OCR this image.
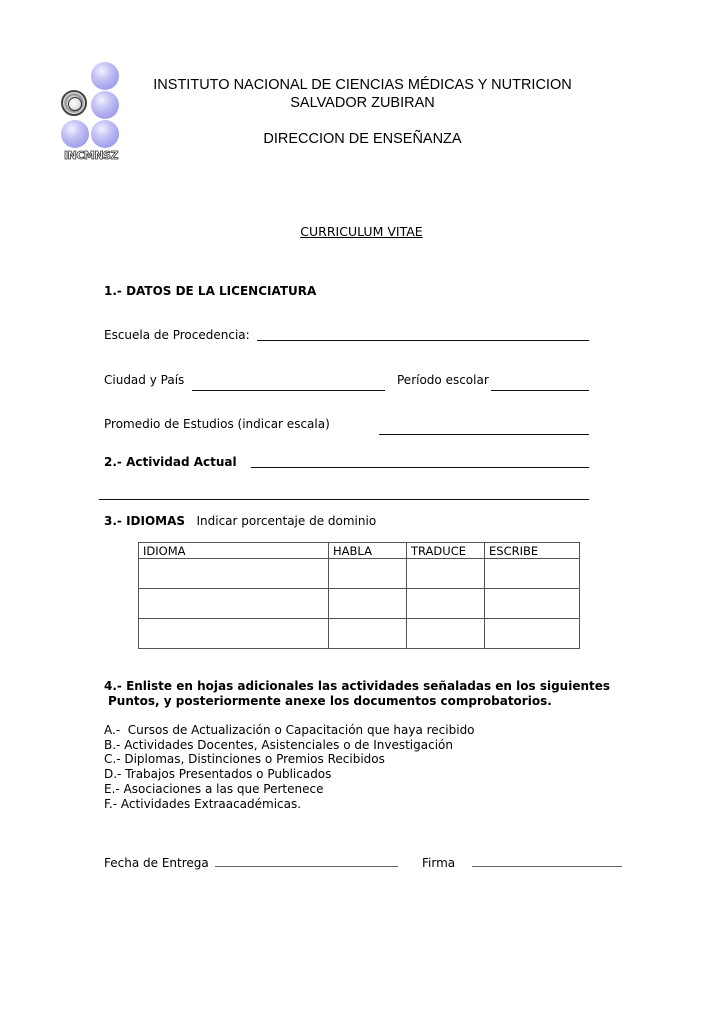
INCMNSZ
INSTITUTO NACIONAL DE CIENCIAS MÉDICAS Y NUTRICION
SALVADOR ZUBIRAN
DIRECCION DE ENSEÑANZA
CURRICULUM VITAE
1.- DATOS DE LA LICENCIATURA
Escuela de Procedencia:
Ciudad y País	Período escolar
Promedio de Estudios (indicar escala)
2.- Actividad Actual
3.- IDIOMAS Indicar porcentaje de dominio
IDIOMA	HABLA	TRADUCE	ESCRIBE

4.- Enliste en hojas adicionales las actividades señaladas en los siguientes
Puntos, y posteriormente anexe los documentos comprobatorios.
A.-  Cursos de Actualización o Capacitación que haya recibido
B.- Actividades Docentes, Asistenciales o de Investigación
C.- Diplomas, Distinciones o Premios Recibidos
D.- Trabajos Presentados o Publicados
E.- Asociaciones a las que Pertenece
F.- Actividades Extraacadémicas.
Fecha de Entrega	Firma
